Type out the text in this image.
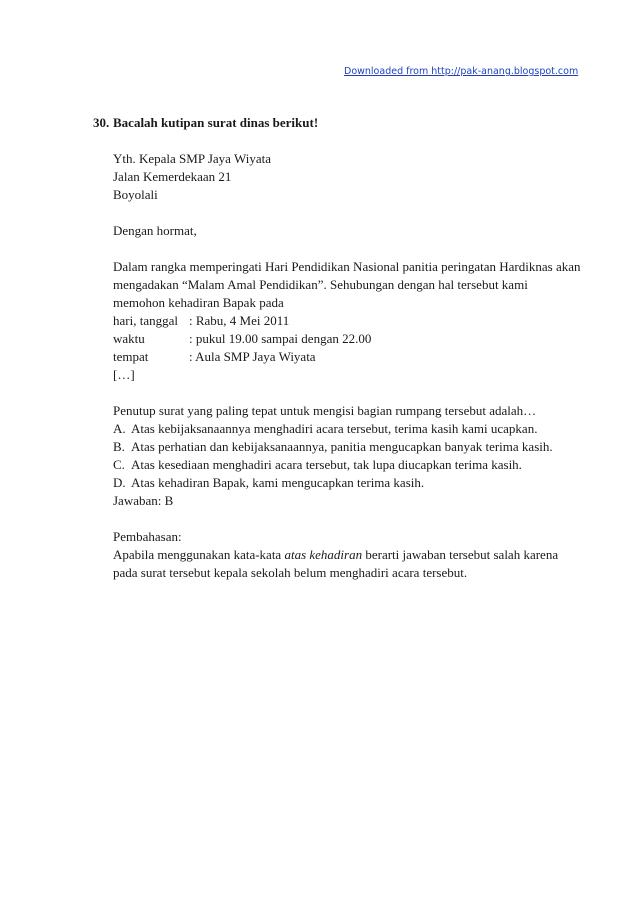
Downloaded from http://pak-anang.blogspot.com
30. Bacalah kutipan surat dinas berikut!
Yth. Kepala SMP Jaya Wiyata
Jalan Kemerdekaan 21
Boyolali
Dengan hormat,
Dalam rangka memperingati Hari Pendidikan Nasional panitia peringatan Hardiknas akan
mengadakan “Malam Amal Pendidikan”. Sehubungan dengan hal tersebut kami
memohon kehadiran Bapak pada
hari, tanggal : Rabu, 4 Mei 2011
waktu	: pukul 19.00 sampai dengan 22.00
tempat	: Aula SMP Jaya Wiyata
[…]
Penutup surat yang paling tepat untuk mengisi bagian rumpang tersebut adalah…
A. Atas kebijaksanaannya menghadiri acara tersebut, terima kasih kami ucapkan.
B. Atas perhatian dan kebijaksanaannya, panitia mengucapkan banyak terima kasih.
C. Atas kesediaan menghadiri acara tersebut, tak lupa diucapkan terima kasih.
D. Atas kehadiran Bapak, kami mengucapkan terima kasih.
Jawaban: B
Pembahasan:
Apabila menggunakan kata-kata atas kehadiran berarti jawaban tersebut salah karena
pada surat tersebut kepala sekolah belum menghadiri acara tersebut.
